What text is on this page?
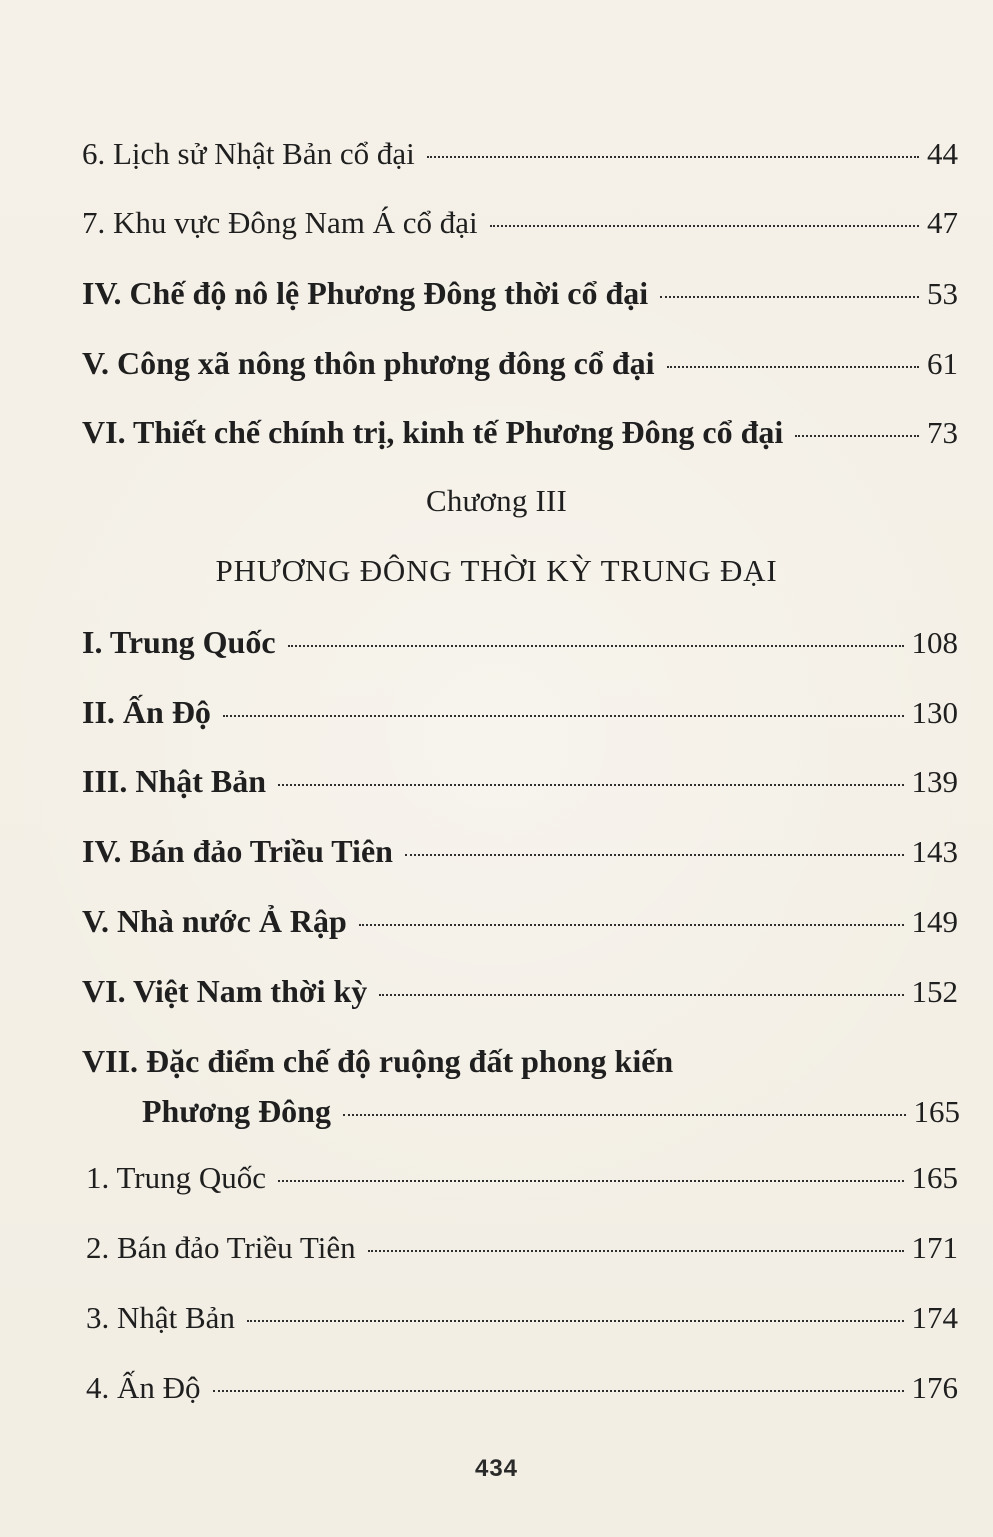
6. Lịch sử Nhật Bản cổ đại	44
7. Khu vực Đông Nam Á cổ đại	47
IV. Chế độ nô lệ Phương Đông thời cổ đại	53
V. Công xã nông thôn phương đông cổ đại	61
VI. Thiết chế chính trị, kinh tế Phương Đông cổ đại	73
Chương III
PHƯƠNG ĐÔNG THỜI KỲ TRUNG ĐẠI
I. Trung Quốc	108
II. Ấn Độ	130
III. Nhật Bản	139
IV. Bán đảo Triều Tiên	143
V. Nhà nước Ả Rập	149
VI. Việt Nam thời kỳ	152
VII. Đặc điểm chế độ ruộng đất phong kiến
Phương Đông	165
1. Trung Quốc	165
2. Bán đảo Triều Tiên	171
3. Nhật Bản	174
4. Ấn Độ	176
434
